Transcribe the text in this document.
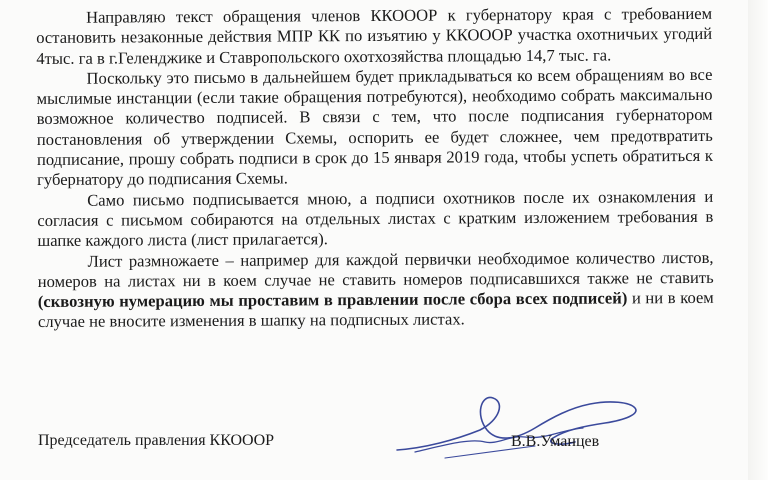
Направляю текст обращения членов ККОООР к губернатору края с требованием остановить незаконные действия МПР КК по изъятию у ККОООР участка охотничьих угодий 4тыс. га в г.Геленджике и Ставропольского охотхозяйства площадью 14,7 тыс. га.

Поскольку это письмо в дальнейшем будет прикладываться ко всем обращениям во все мыслимые инстанции (если такие обращения потребуются), необходимо собрать максимально возможное количество подписей. В связи с тем, что после подписания губернатором постановления об утверждении Схемы, оспорить ее будет сложнее, чем предотвратить подписание, прошу собрать подписи в срок до 15 января 2019 года, чтобы успеть обратиться к губернатору до подписания Схемы.

Само письмо подписывается мною, а подписи охотников после их ознакомления и согласия с письмом собираются на отдельных листах с кратким изложением требования в шапке каждого листа (лист прилагается).

Лист размножаете – например для каждой первички необходимое количество листов, номеров на листах ни в коем случае не ставить номеров подписавшихся также не ставить (сквозную нумерацию мы проставим в правлении после сбора всех подписей) и ни в коем случае не вносите изменения в шапку на подписных листах.

Председатель правления ККОООР	В.В.Уманцев
